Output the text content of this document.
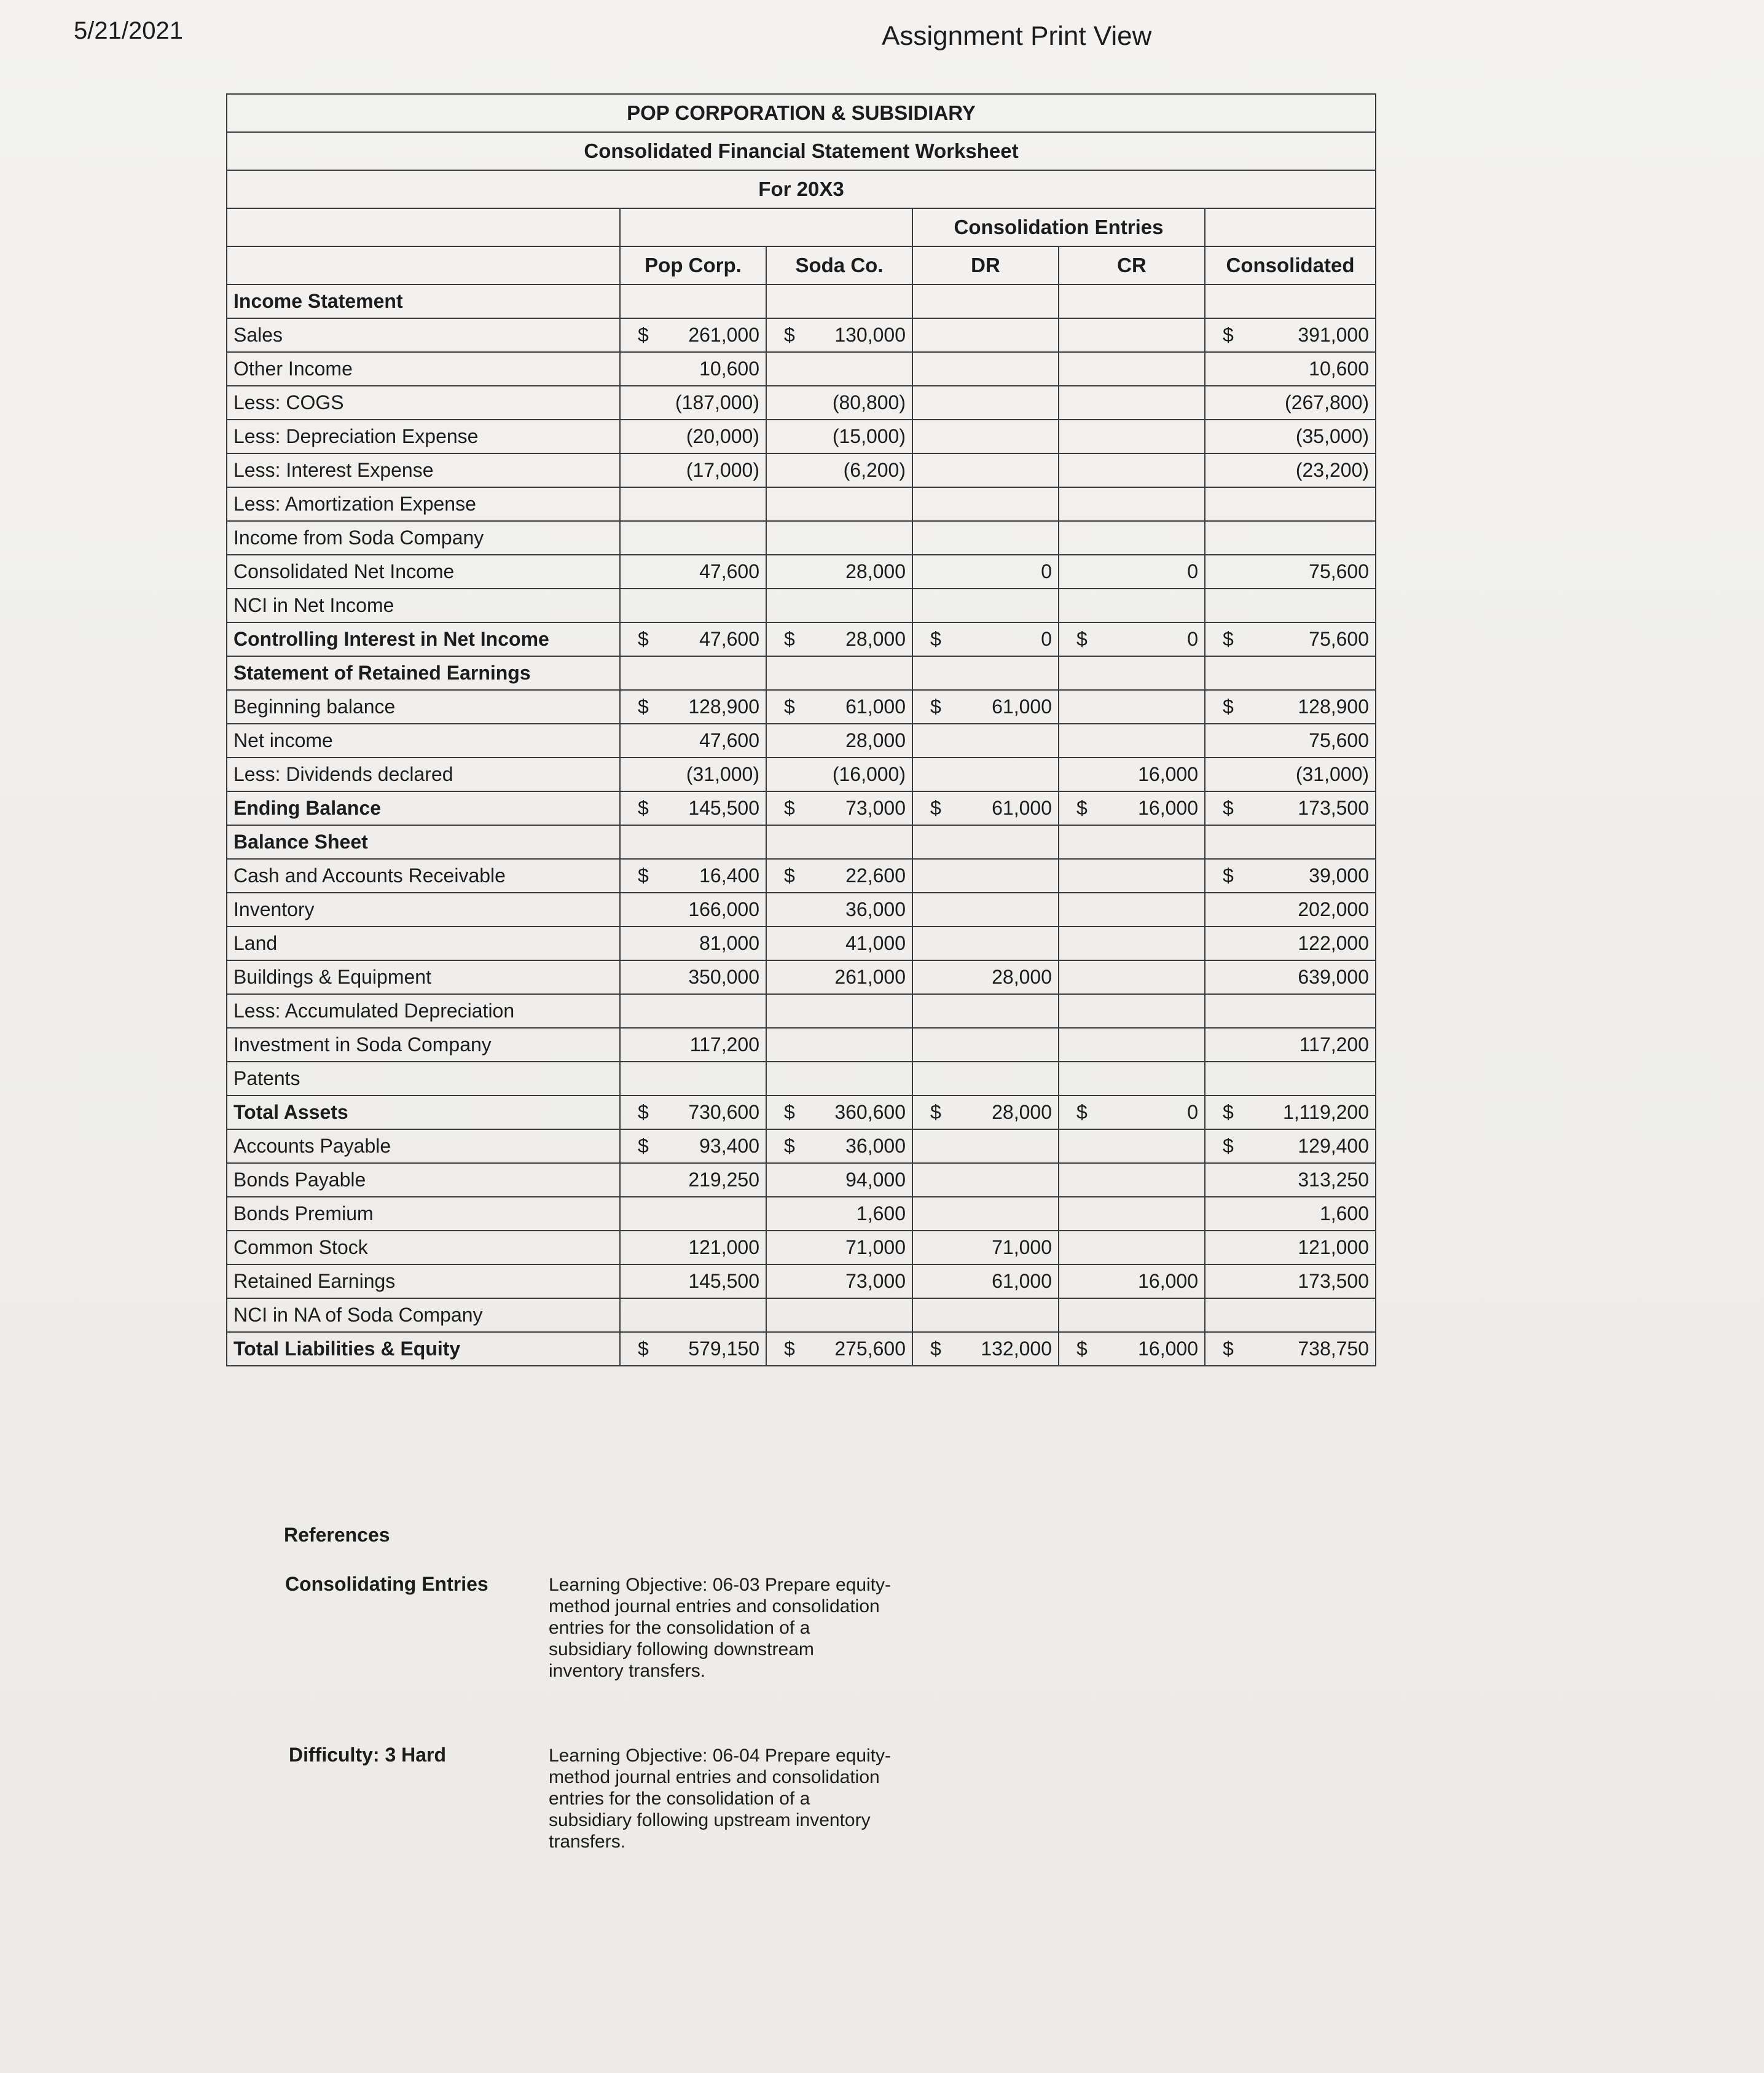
5/21/2021	Assignment Print View
POP CORPORATION & SUBSIDIARY					
Consolidated Financial Statement Worksheet					
For 20X3					
			Consolidation Entries		
	Pop Corp.	Soda Co.	DR	CR	Consolidated
Income Statement	

Sales	$ 261,000	$ 130,000			$ 391,000

Other Income	10,600				10,600

Less: COGS	(187,000)	(80,800)			(267,800)

Less: Depreciation Expense	(20,000)	(15,000)			(35,000)

Less: Interest Expense	(17,000)	(6,200)			(23,200)

Less: Amortization Expense	

Income from Soda Company	

Consolidated Net Income	47,600	28,000	0	0	75,600

NCI in Net Income	

Controlling Interest in Net Income	$ 47,600	$ 28,000	$ 0	$ 0	$ 75,600

Statement of Retained Earnings	

Beginning balance	$ 128,900	$ 61,000	$ 61,000		$ 128,900

Net income	47,600	28,000			75,600

Less: Dividends declared	(31,000)	(16,000)		16,000	(31,000)

Ending Balance	$ 145,500	$ 73,000	$ 61,000	$ 16,000	$ 173,500

Balance Sheet	

Cash and Accounts Receivable	$ 16,400	$ 22,600			$ 39,000

Inventory	166,000	36,000			202,000

Land	81,000	41,000			122,000

Buildings & Equipment	350,000	261,000	28,000		639,000

Less: Accumulated Depreciation	

Investment in Soda Company	117,200				117,200

Patents	

Total Assets	$ 730,600	$ 360,600	$ 28,000	$ 0	$ 1,119,200

Accounts Payable	$ 93,400	$ 36,000			$ 129,400

Bonds Payable	219,250	94,000			313,250

Bonds Premium		1,600			1,600

Common Stock	121,000	71,000	71,000		121,000

Retained Earnings	145,500	73,000	61,000	16,000	173,500

NCI in NA of Soda Company	

Total Liabilities & Equity	$ 579,150	$ 275,600	$ 132,000	$ 16,000	$ 738,750
References
Consolidating Entries	Learning Objective: 06-03 Prepare equity-method journal entries and consolidation entries for the consolidation of a subsidiary following downstream inventory transfers.
Difficulty: 3 Hard	Learning Objective: 06-04 Prepare equity-method journal entries and consolidation entries for the consolidation of a subsidiary following upstream inventory transfers.
